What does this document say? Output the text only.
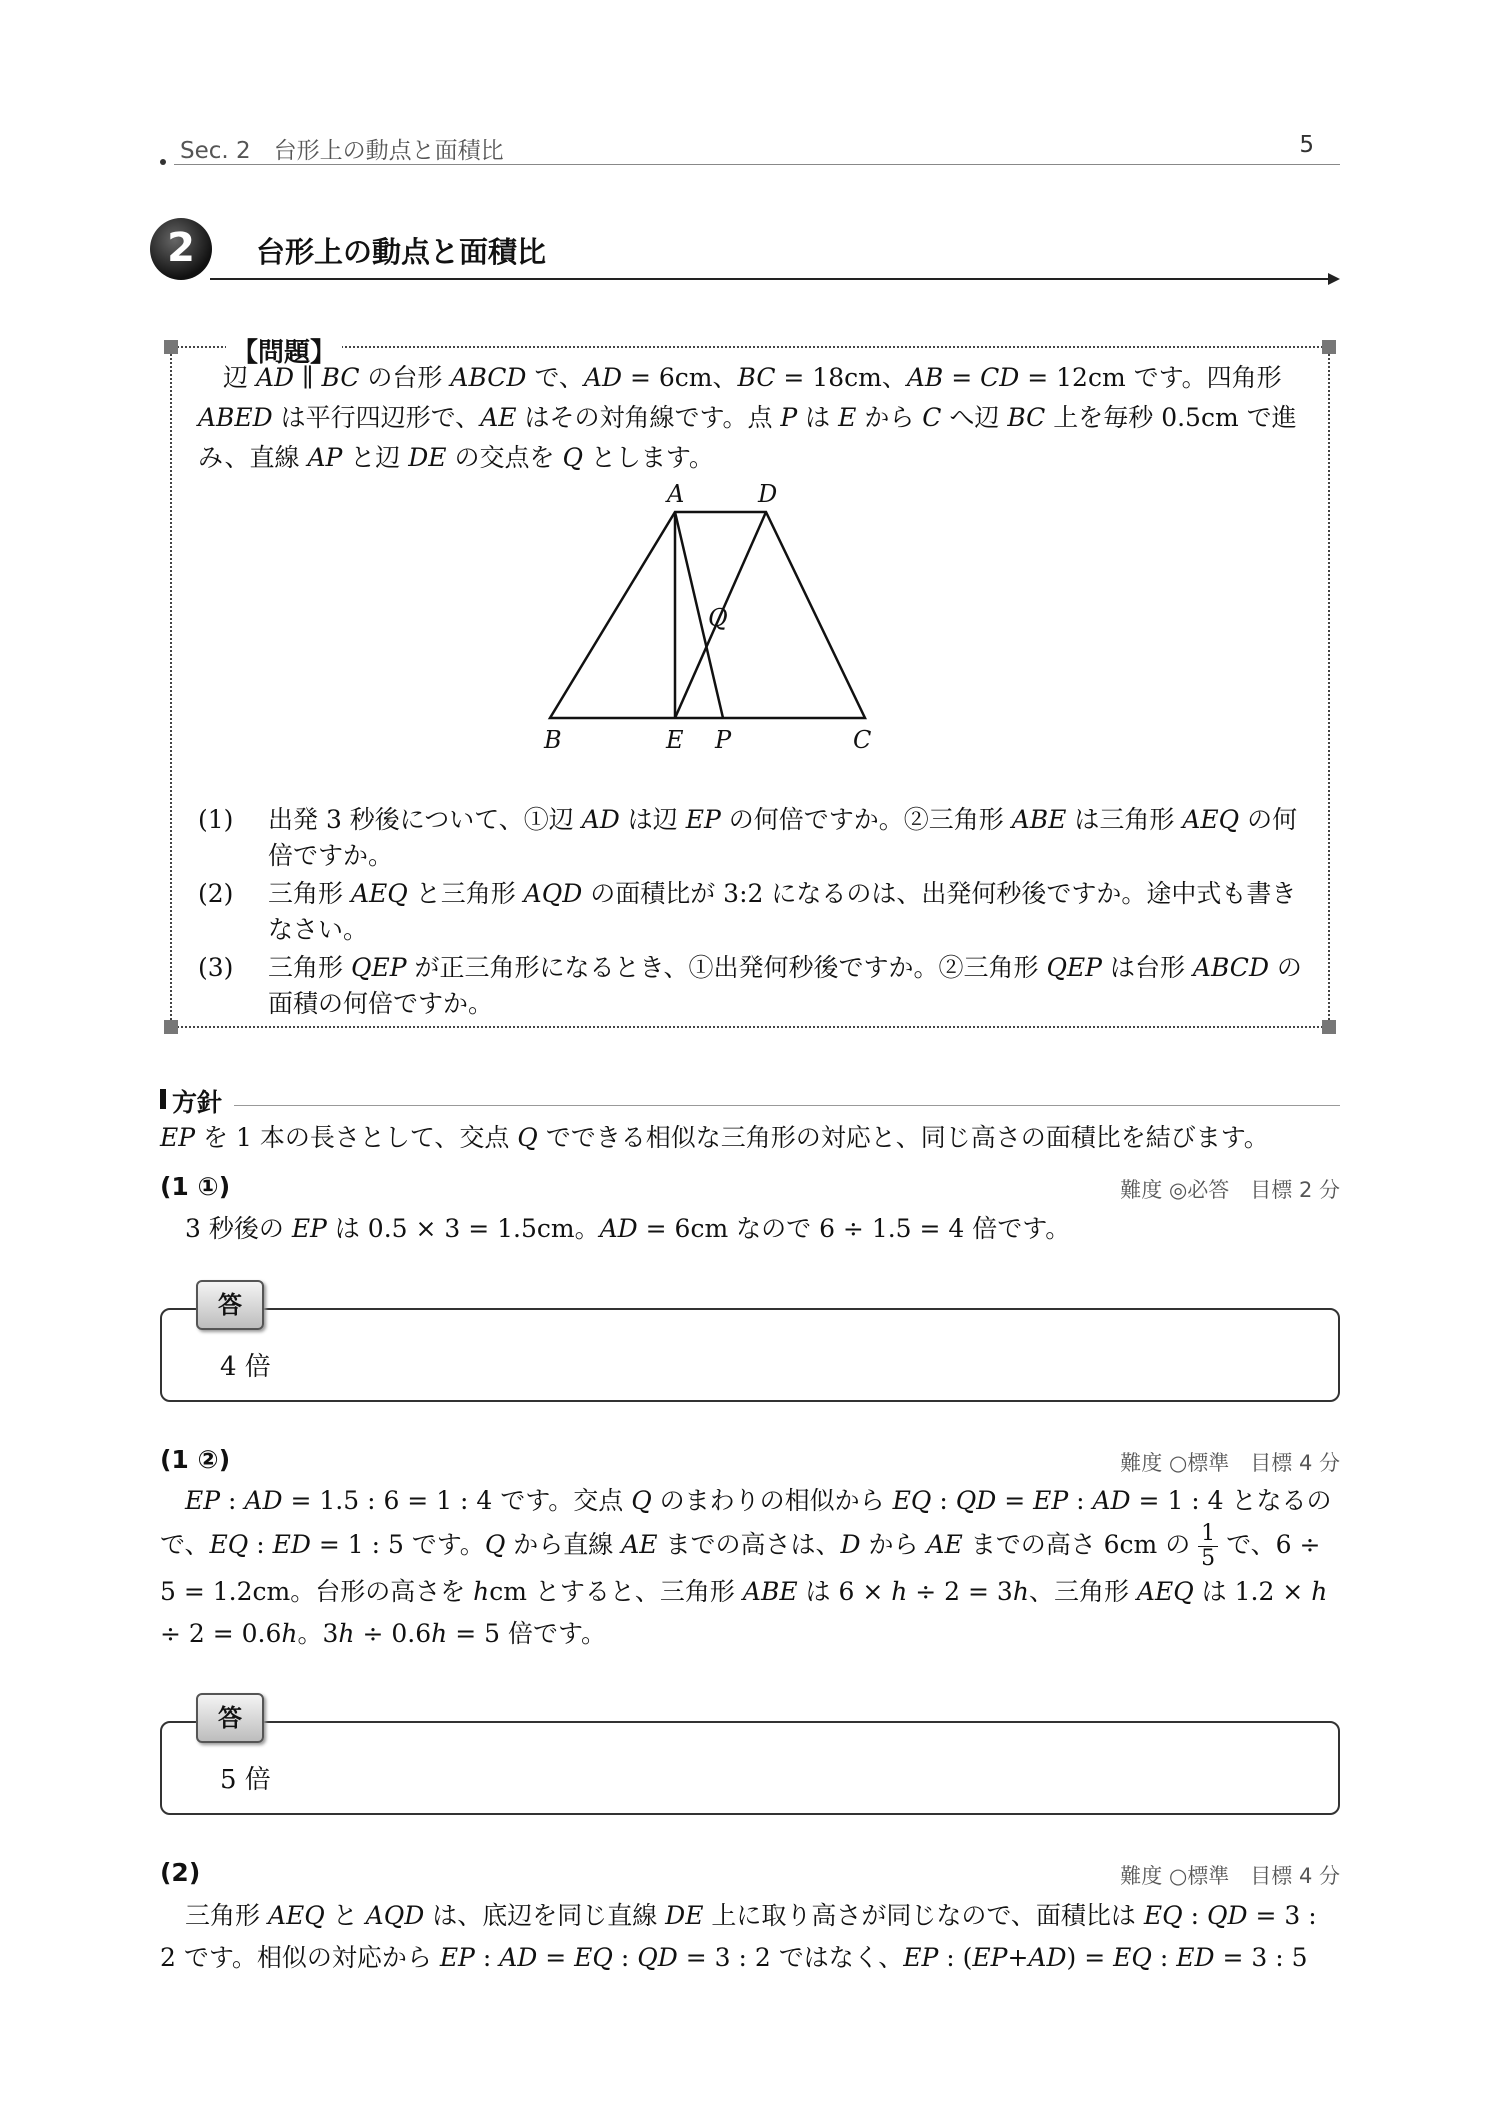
Sec. 2　台形上の動点と面積比	5
2	台形上の動点と面積比
【問題】
辺 AD ∥ BC の台形 ABCD で、AD = 6cm、BC = 18cm、AB = CD = 12cm です。四角形 ABED は平行四辺形で、AE はその対角線です。点 P は E から C へ辺 BC 上を毎秒 0.5cm で進み、直線 AP と辺 DE の交点を Q とします。
A	D
Q
B	E P	C
(1) 出発 3 秒後について、①辺 AD は辺 EP の何倍ですか。②三角形 ABE は三角形 AEQ の何倍ですか。
(2) 三角形 AEQ と三角形 AQD の面積比が 3:2 になるのは、出発何秒後ですか。途中式も書きなさい。
(3) 三角形 QEP が正三角形になるとき、①出発何秒後ですか。②三角形 QEP は台形 ABCD の面積の何倍ですか。
方針
EP を 1 本の長さとして、交点 Q でできる相似な三角形の対応と、同じ高さの面積比を結びます。
(1 ①)	難度 ◎必答　目標 2 分
　3 秒後の EP は 0.5 × 3 = 1.5cm。AD = 6cm なので 6 ÷ 1.5 = 4 倍です。
答
4 倍
(1 ②)	難度 ○標準　目標 4 分
　EP : AD = 1.5 : 6 = 1 : 4 です。交点 Q のまわりの相似から EQ : QD = EP : AD = 1 : 4 となるので、EQ : ED = 1 : 5 です。Q から直線 AE までの高さは、D から AE までの高さ 6cm の $\frac{1}{5}$ で、6 ÷ 5 = 1.2cm。台形の高さを hcm とすると、三角形 ABE は 6 × h ÷ 2 = 3h、三角形 AEQ は 1.2 × h ÷ 2 = 0.6h。3h ÷ 0.6h = 5 倍です。
答
5 倍
(2)	難度 ○標準　目標 4 分
　三角形 AEQ と AQD は、底辺を同じ直線 DE 上に取り高さが同じなので、面積比は EQ : QD = 3 : 2 です。相似の対応から EP : AD = EQ : QD = 3 : 2 ではなく、EP : (EP+AD) = EQ : ED = 3 : 5
